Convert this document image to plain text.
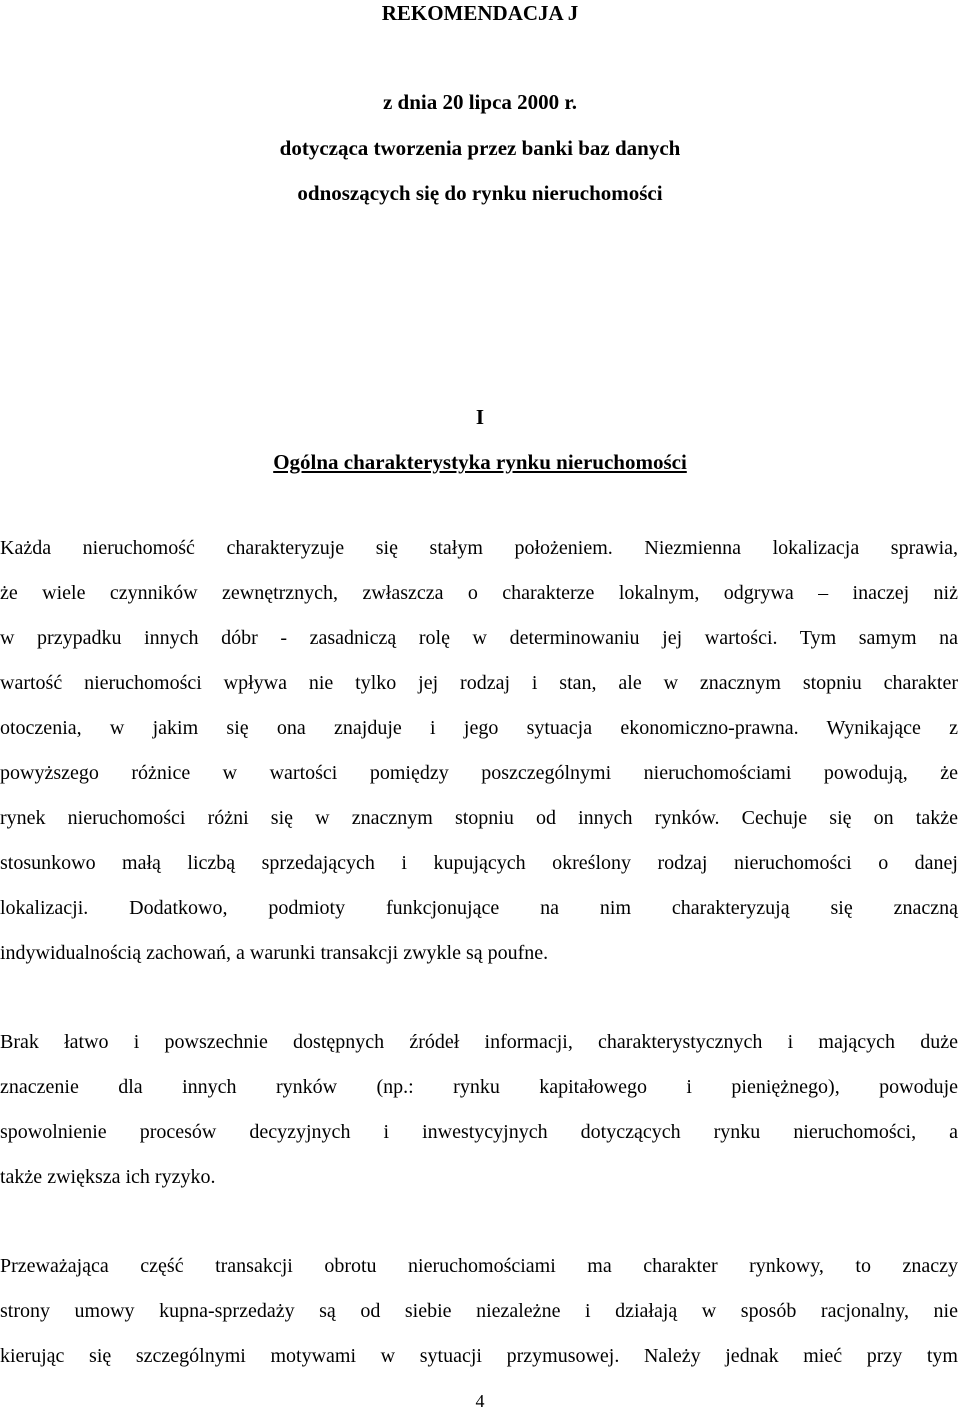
REKOMENDACJA J
z dnia 20 lipca 2000 r.
dotycząca tworzenia przez banki baz danych
odnoszących się do rynku nieruchomości
I
Ogólna charakterystyka rynku nieruchomości
Każda nieruchomość charakteryzuje się stałym położeniem. Niezmienna lokalizacja sprawia,
że wiele czynników zewnętrznych, zwłaszcza o charakterze lokalnym, odgrywa – inaczej niż
w przypadku innych dóbr - zasadniczą rolę w determinowaniu jej wartości. Tym samym na
wartość nieruchomości wpływa nie tylko jej rodzaj i stan, ale w znacznym stopniu charakter
otoczenia, w jakim się ona znajduje i jego sytuacja ekonomiczno-prawna. Wynikające z
powyższego różnice w wartości pomiędzy poszczególnymi nieruchomościami powodują, że
rynek nieruchomości różni się w znacznym stopniu od innych rynków. Cechuje się on także
stosunkowo małą liczbą sprzedających i kupujących określony rodzaj nieruchomości o danej
lokalizacji. Dodatkowo, podmioty funkcjonujące na nim charakteryzują się znaczną
indywidualnością zachowań, a warunki transakcji zwykle są poufne.
Brak łatwo i powszechnie dostępnych źródeł informacji, charakterystycznych i mających duże
znaczenie dla innych rynków (np.: rynku kapitałowego i pieniężnego), powoduje
spowolnienie procesów decyzyjnych i inwestycyjnych dotyczących rynku nieruchomości, a
także zwiększa ich ryzyko.
Przeważająca część transakcji obrotu nieruchomościami ma charakter rynkowy, to znaczy
strony umowy kupna-sprzedaży są od siebie niezależne i działają w sposób racjonalny, nie
kierując się szczególnymi motywami w sytuacji przymusowej. Należy jednak mieć przy tym
4
